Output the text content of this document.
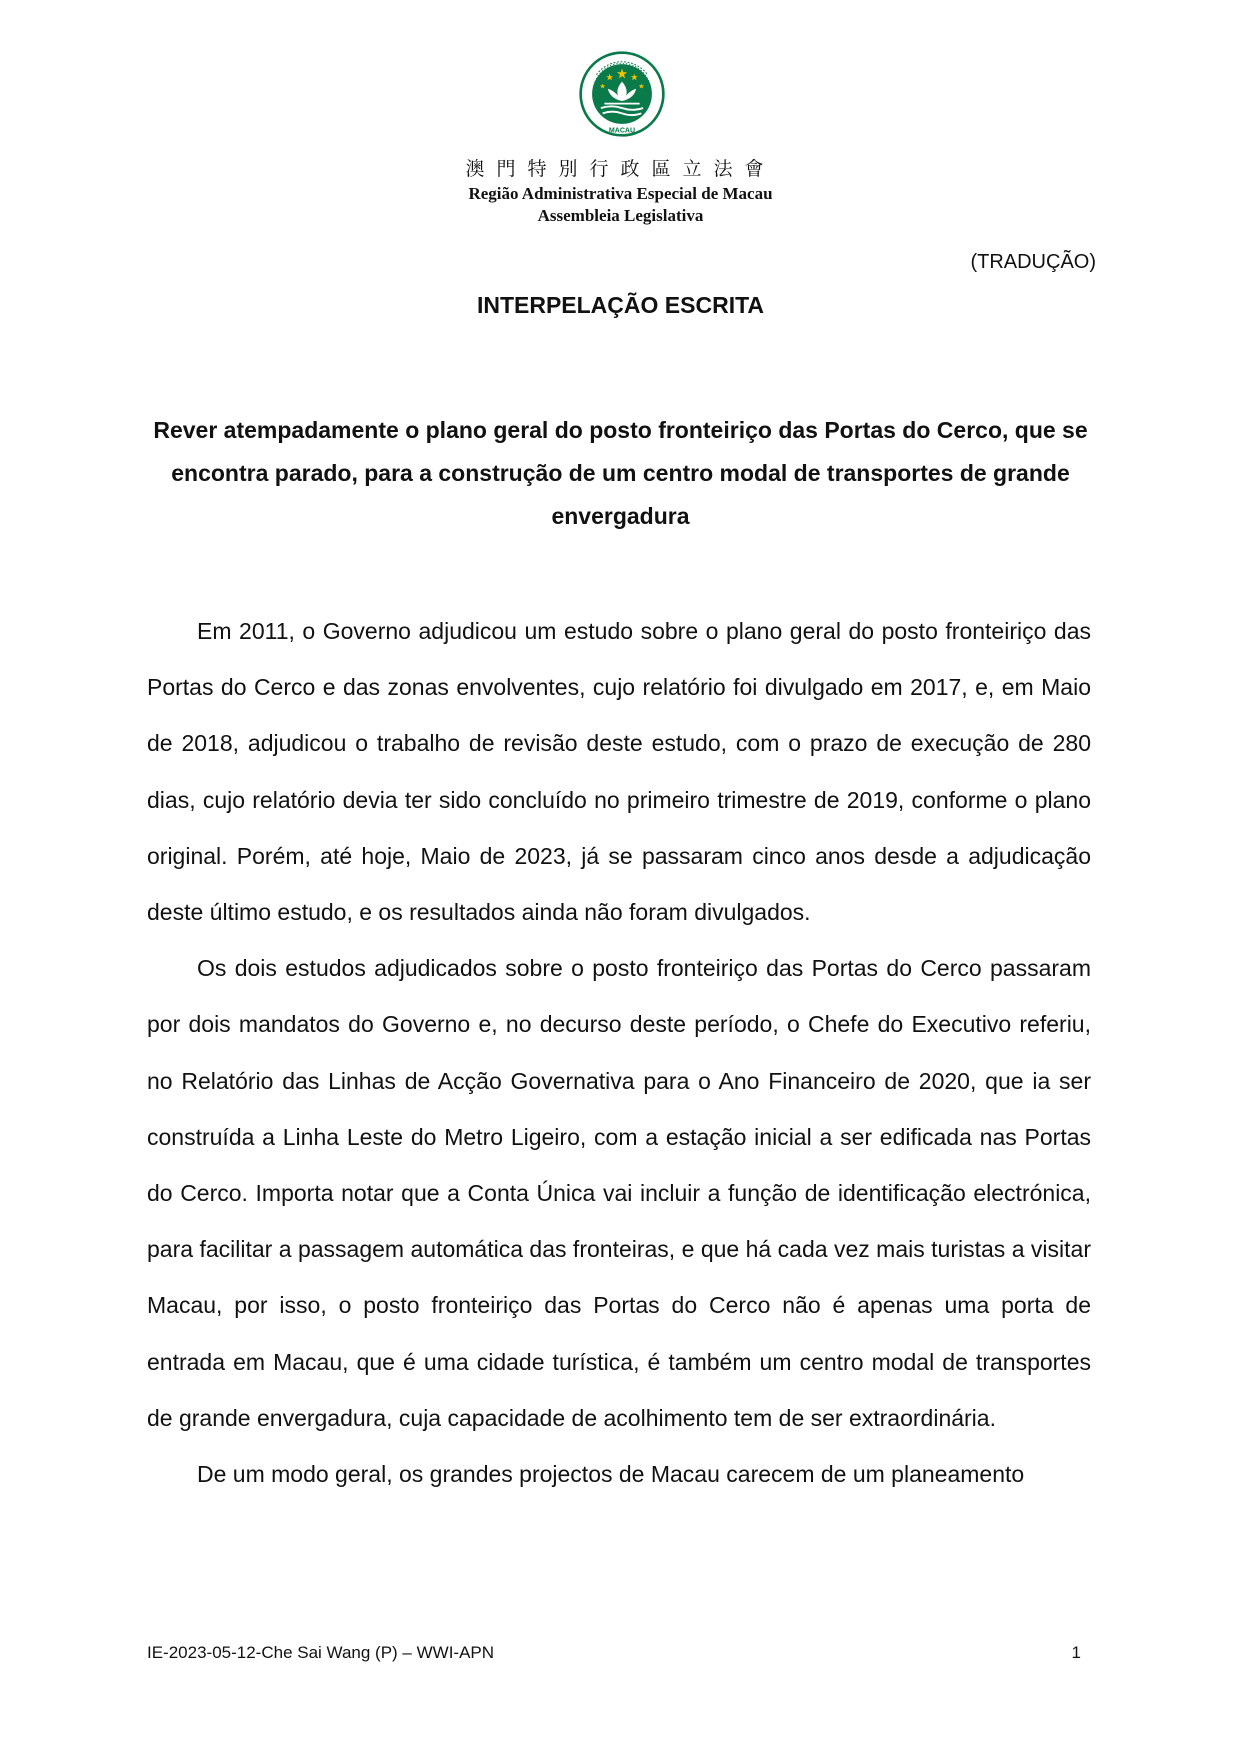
MACAU
澳門特別行政區立法會
Região Administrativa Especial de Macau
Assembleia Legislativa
(TRADUÇÃO)
INTERPELAÇÃO ESCRITA

Rever atempadamente o plano geral do posto fronteiriço das Portas do Cerco, que se encontra parado, para a construção de um centro modal de transportes de grande envergadura

Em 2011, o Governo adjudicou um estudo sobre o plano geral do posto fronteiriço das Portas do Cerco e das zonas envolventes, cujo relatório foi divulgado em 2017, e, em Maio de 2018, adjudicou o trabalho de revisão deste estudo, com o prazo de execução de 280 dias, cujo relatório devia ter sido concluído no primeiro trimestre de 2019, conforme o plano original. Porém, até hoje, Maio de 2023, já se passaram cinco anos desde a adjudicação deste último estudo, e os resultados ainda não foram divulgados.

Os dois estudos adjudicados sobre o posto fronteiriço das Portas do Cerco passaram por dois mandatos do Governo e, no decurso deste período, o Chefe do Executivo referiu, no Relatório das Linhas de Acção Governativa para o Ano Financeiro de 2020, que ia ser construída a Linha Leste do Metro Ligeiro, com a estação inicial a ser edificada nas Portas do Cerco. Importa notar que a Conta Única vai incluir a função de identificação electrónica, para facilitar a passagem automática das fronteiras, e que há cada vez mais turistas a visitar Macau, por isso, o posto fronteiriço das Portas do Cerco não é apenas uma porta de entrada em Macau, que é uma cidade turística, é também um centro modal de transportes de grande envergadura, cuja capacidade de acolhimento tem de ser extraordinária.

De um modo geral, os grandes projectos de Macau carecem de um planeamento

IE-2023-05-12-Che Sai Wang (P) – WWI-APN	1
